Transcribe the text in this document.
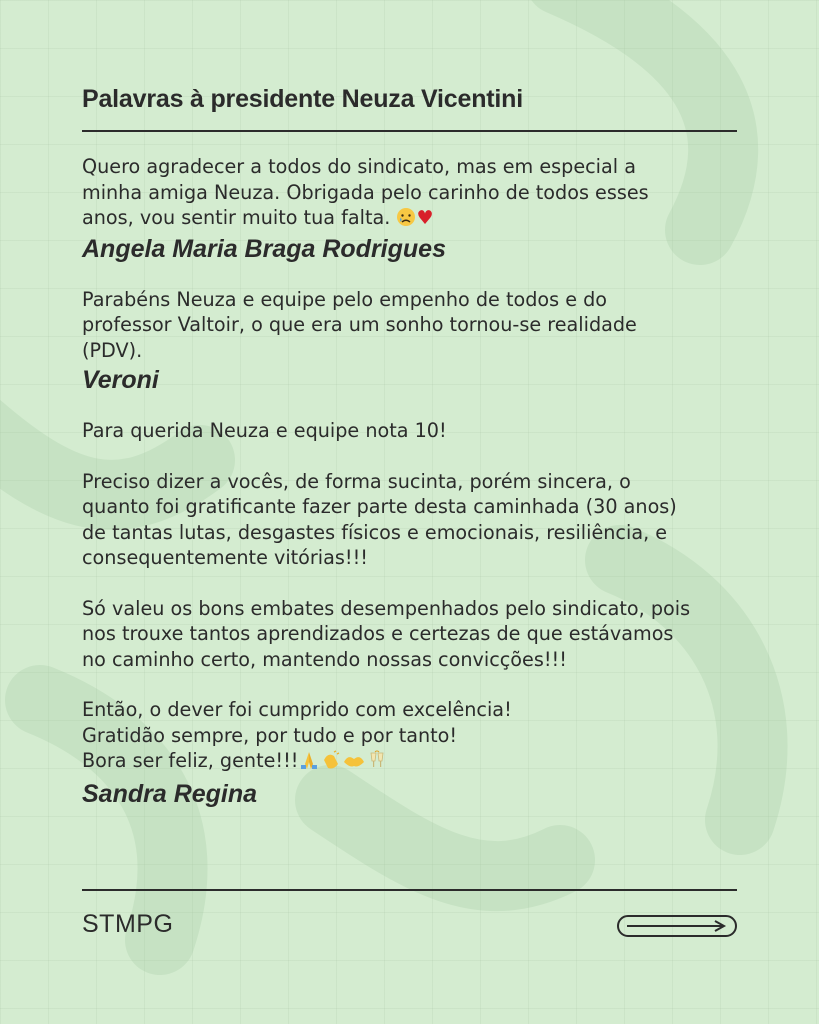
Palavras à presidente Neuza Vicentini

Quero agradecer a todos do sindicato, mas em especial a
minha amiga Neuza. Obrigada pelo carinho de todos esses
anos, vou sentir muito tua falta. ♥

Angela Maria Braga Rodrigues

Parabéns Neuza e equipe pelo empenho de todos e do
professor Valtoir, o que era um sonho tornou-se realidade
(PDV).

Veroni

Para querida Neuza e equipe nota 10!

Preciso dizer a vocês, de forma sucinta, porém sincera, o
quanto foi gratificante fazer parte desta caminhada (30 anos)
de tantas lutas, desgastes físicos e emocionais, resiliência, e
consequentemente vitórias!!!

Só valeu os bons embates desempenhados pelo sindicato, pois
nos trouxe tantos aprendizados e certezas de que estávamos
no caminho certo, mantendo nossas convicções!!!

Então, o dever foi cumprido com excelência!
Gratidão sempre, por tudo e por tanto!
Bora ser feliz, gente!!!

Sandra Regina
STMPG
